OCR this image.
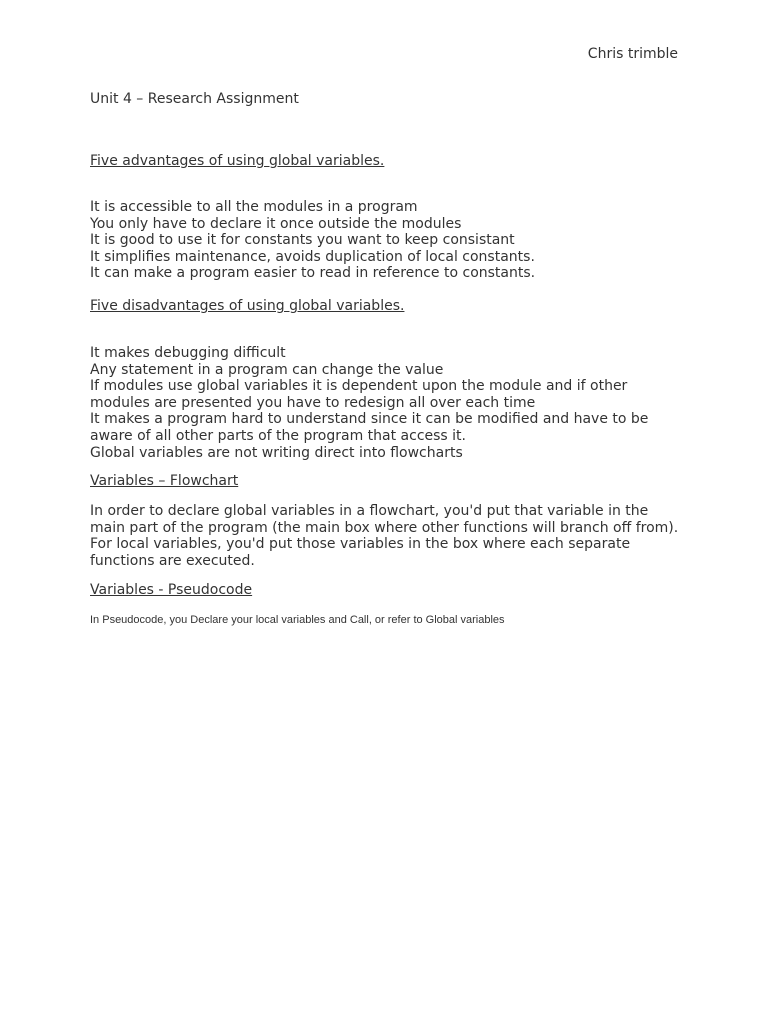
Chris trimble
Unit 4 – Research Assignment
Five advantages of using global variables.
It is accessible to all the modules in a program
You only have to declare it once outside the modules
It is good to use it for constants you want to keep consistant
It simplifies maintenance, avoids duplication of local constants.
It can make a program easier to read in reference to constants.
Five disadvantages of using global variables.
It makes debugging difficult
Any statement in a program can change the value
If modules use global variables it is dependent upon the module and if other
modules are presented you have to redesign all over each time
It makes a program hard to understand since it can be modified and have to be
aware of all other parts of the program that access it.
Global variables are not writing direct into flowcharts
Variables – Flowchart
In order to declare global variables in a flowchart, you'd put that variable in the
main part of the program (the main box where other functions will branch off from).
For local variables, you'd put those variables in the box where each separate
functions are executed.
Variables - Pseudocode
In Pseudocode, you Declare your local variables and Call, or refer to Global variables
